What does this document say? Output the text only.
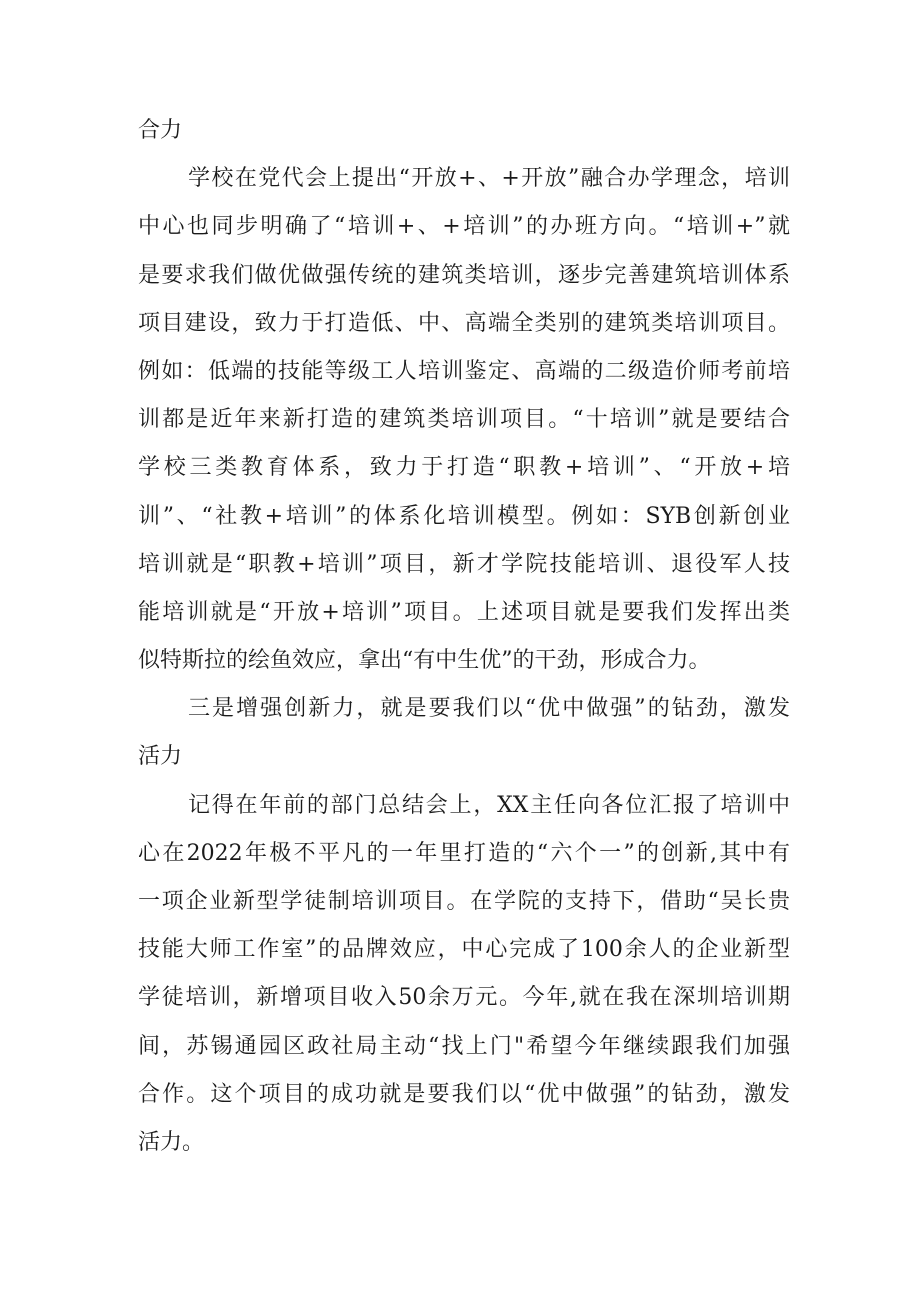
合力
学校在党代会上提出“开放+、+开放”融合办学理念，培训
中心也同步明确了“培训+、+培训”的办班方向。“培训+”就
是要求我们做优做强传统的建筑类培训，逐步完善建筑培训体系
项目建设，致力于打造低、中、高端全类别的建筑类培训项目。
例如：低端的技能等级工人培训鉴定、高端的二级造价师考前培
训都是近年来新打造的建筑类培训项目。“十培训”就是要结合
学校三类教育体系，致力于打造“职教+培训”、“开放+培
训”、“社教+培训”的体系化培训模型。例如：SYB创新创业
培训就是“职教+培训”项目，新才学院技能培训、退役军人技
能培训就是“开放+培训”项目。上述项目就是要我们发挥出类
似特斯拉的绘鱼效应，拿出“有中生优”的干劲，形成合力。
三是增强创新力，就是要我们以“优中做强”的钻劲，激发
活力
记得在年前的部门总结会上，XX主任向各位汇报了培训中
心在2022年极不平凡的一年里打造的“六个一”的创新,其中有
一项企业新型学徒制培训项目。在学院的支持下，借助“吴长贵
技能大师工作室”的品牌效应，中心完成了100余人的企业新型
学徒培训，新增项目收入50余万元。今年,就在我在深圳培训期
间，苏锡通园区政社局主动“找上门"希望今年继续跟我们加强
合作。这个项目的成功就是要我们以“优中做强”的钻劲，激发
活力。
